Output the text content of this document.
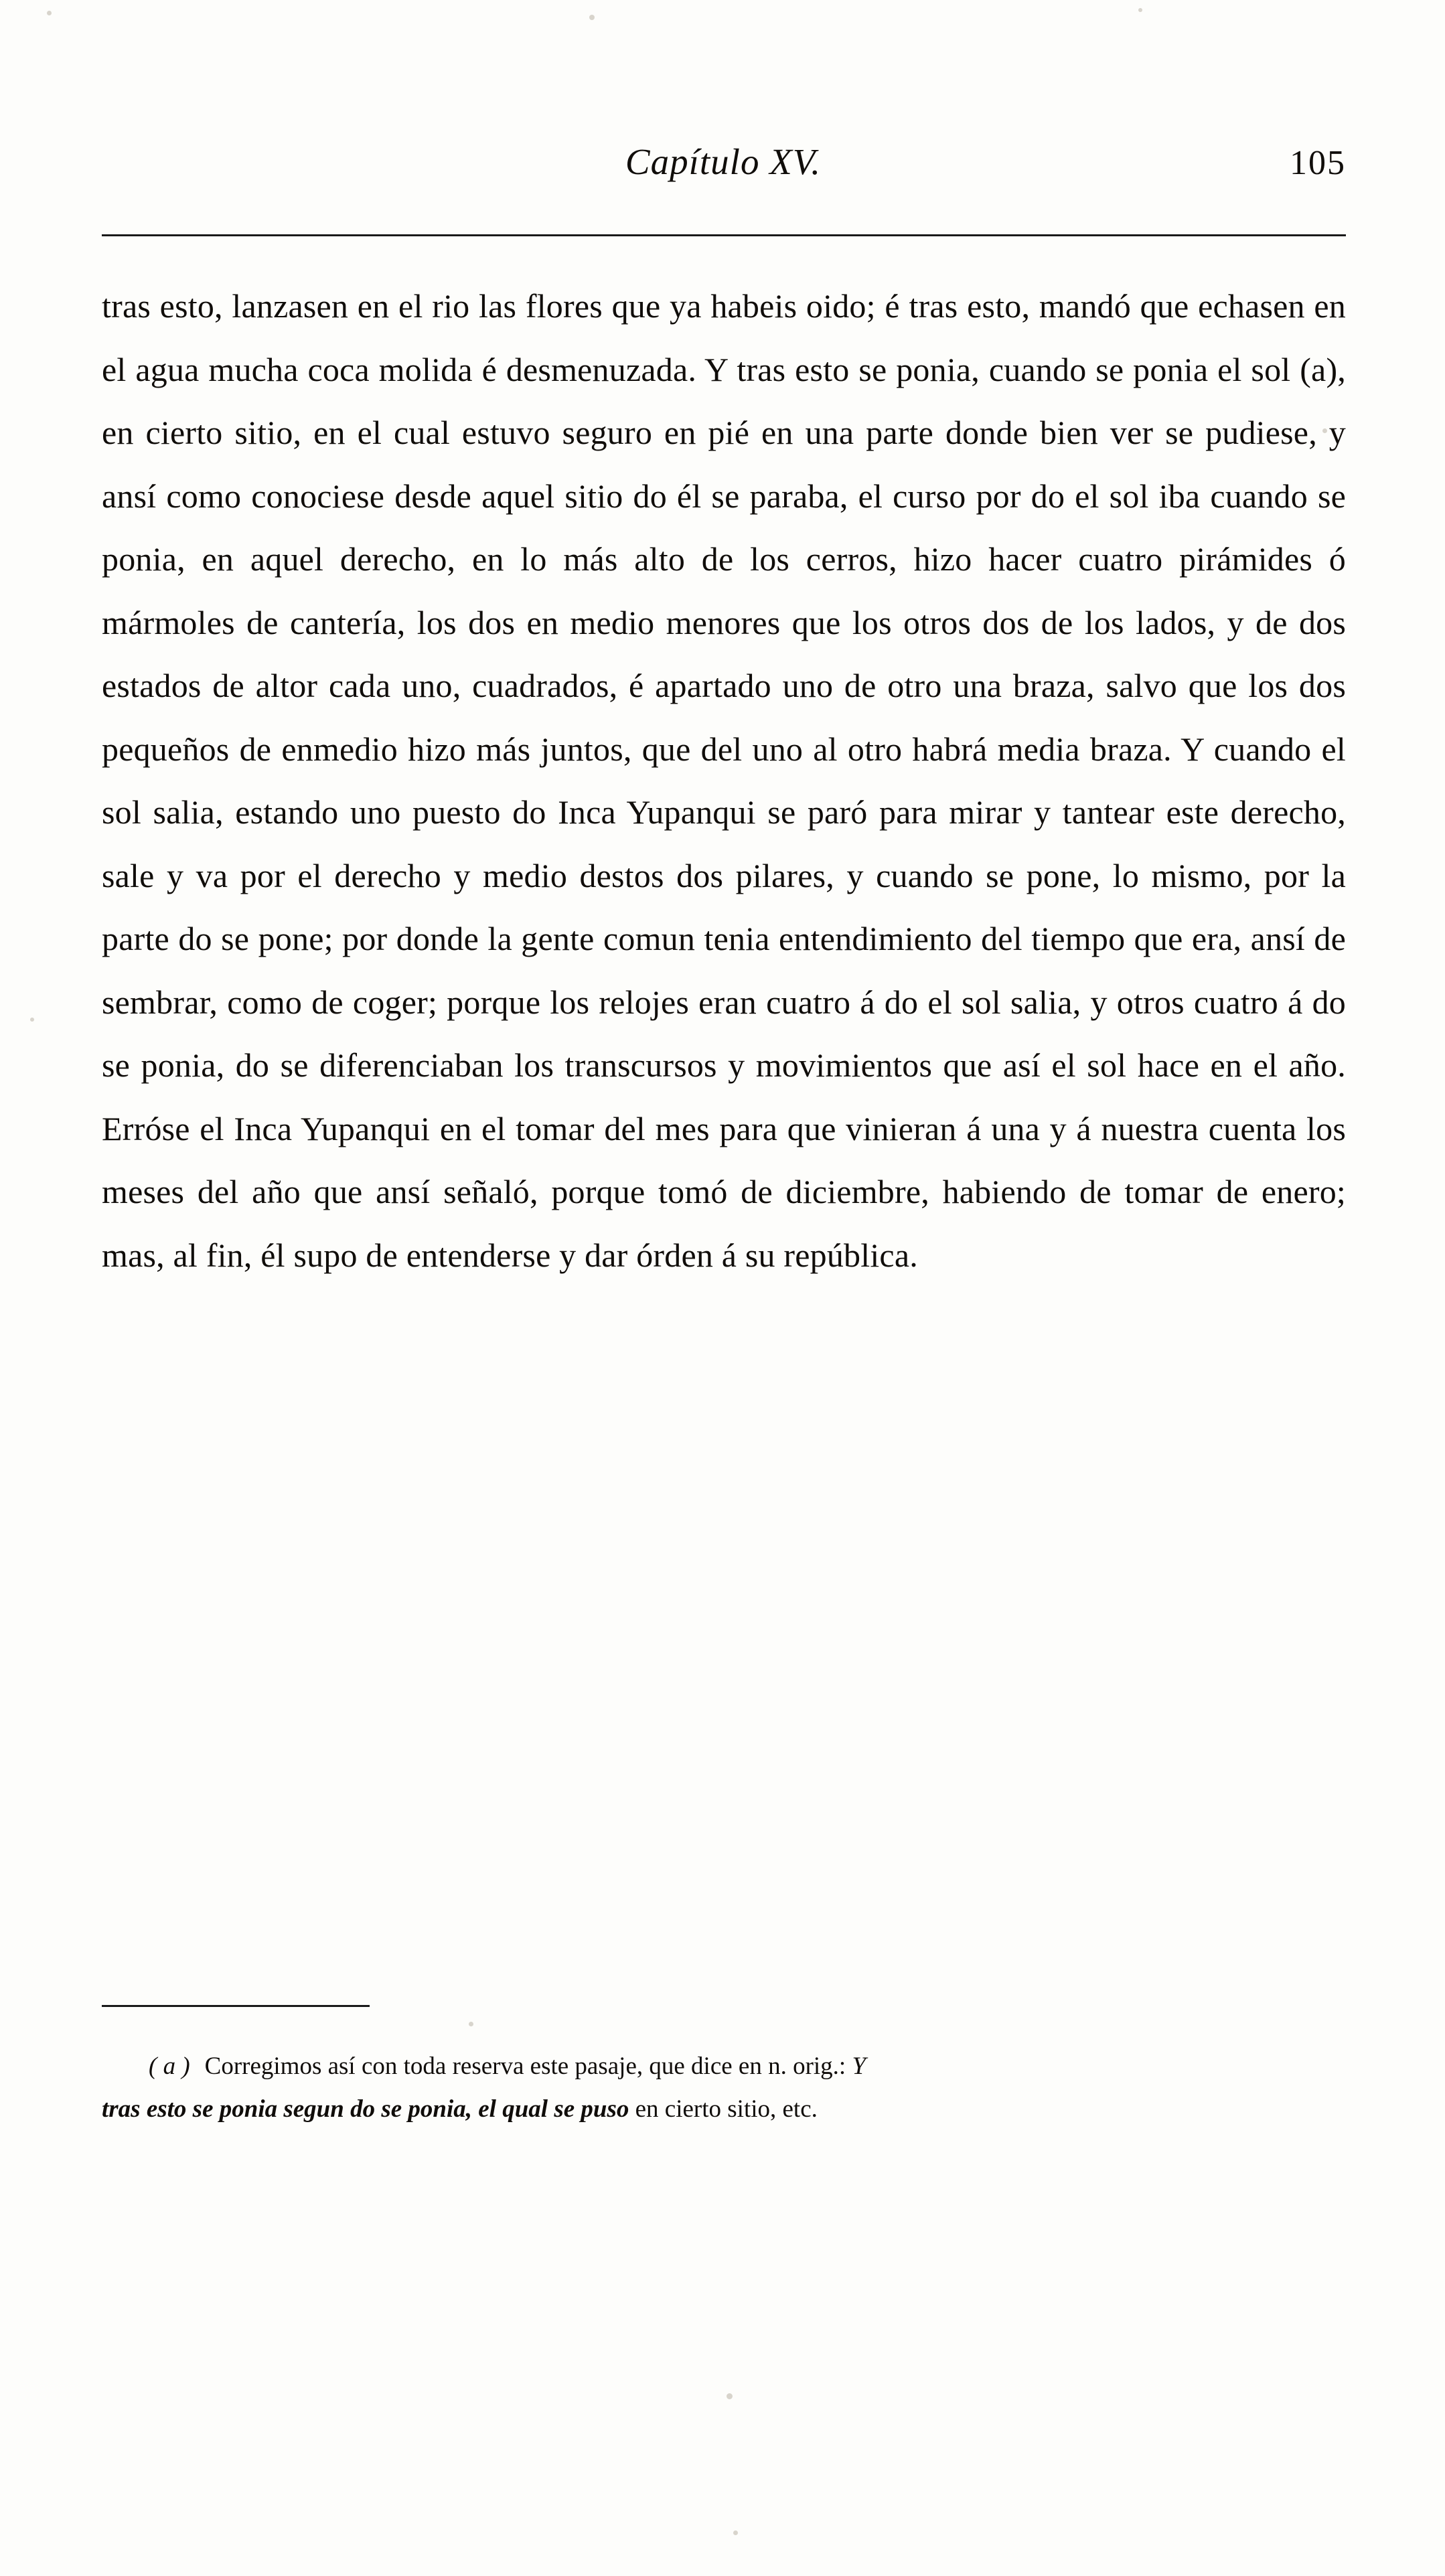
Capítulo XV.	105

tras esto, lanzasen en el rio las flores que ya habeis oido; é tras esto, mandó que echasen en el agua mucha coca molida é desmenuzada. Y tras esto se ponia, cuando se ponia el sol (a), en cierto sitio, en el cual estuvo seguro en pié en una parte donde bien ver se pudiese, y ansí como conociese desde aquel sitio do él se paraba, el curso por do el sol iba cuando se ponia, en aquel derecho, en lo más alto de los cerros, hizo hacer cuatro pirámides ó mármoles de cantería, los dos en medio menores que los otros dos de los lados, y de dos estados de altor cada uno, cuadrados, é apartado uno de otro una braza, salvo que los dos pequeños de enmedio hizo más juntos, que del uno al otro habrá media braza. Y cuando el sol salia, estando uno puesto do Inca Yupanqui se paró para mirar y tantear este derecho, sale y va por el derecho y medio destos dos pilares, y cuando se pone, lo mismo, por la parte do se pone; por donde la gente comun tenia entendimiento del tiempo que era, ansí de sembrar, como de coger; porque los relojes eran cuatro á do el sol salia, y otros cuatro á do se ponia, do se diferenciaban los transcursos y movimientos que así el sol hace en el año. Erróse el Inca Yupanqui en el tomar del mes para que vinieran á una y á nuestra cuenta los meses del año que ansí señaló, porque tomó de diciembre, habiendo de tomar de enero; mas, al fin, él supo de entenderse y dar órden á su república.

( a ) Corregimos así con toda reserva este pasaje, que dice en n. orig.: Y
tras esto se ponia segun do se ponia, el qual se puso en cierto sitio, etc.
